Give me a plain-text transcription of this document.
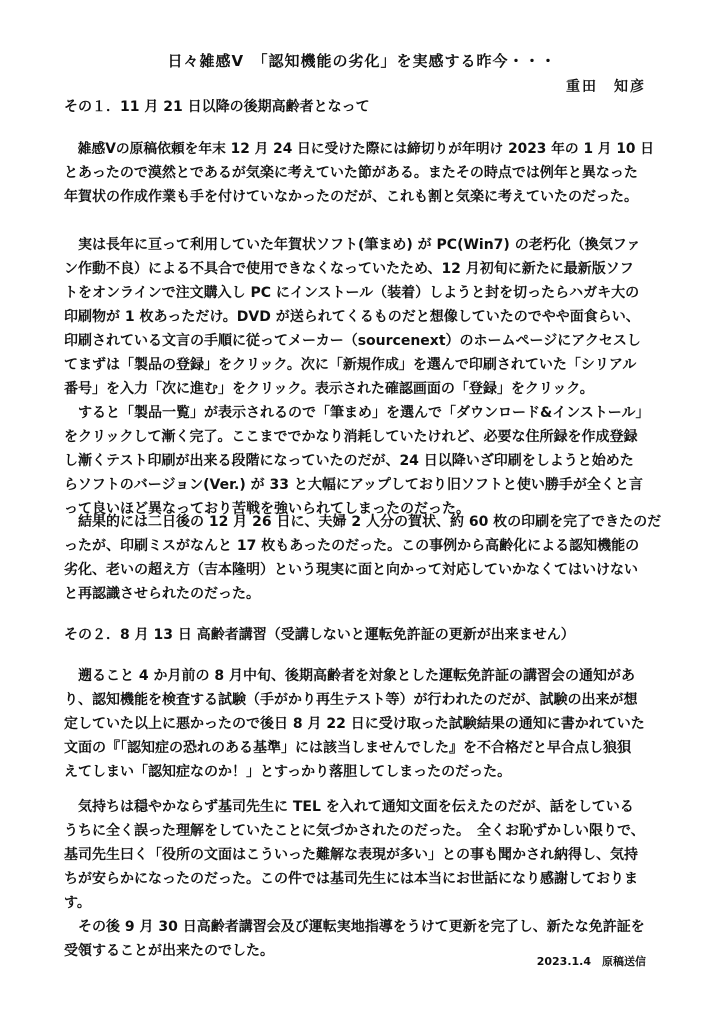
日々雑感Ⅴ　「認知機能の劣化」を実感する昨今・・・
重田　知彦
その１．11 月 21 日以降の後期高齢者となって
　雑感Ⅴの原稿依頼を年末 12 月 24 日に受けた際には締切りが年明け 2023 年の 1 月 10 日
とあったので漠然とであるが気楽に考えていた節がある。またその時点では例年と異なった
年賀状の作成作業も手を付けていなかったのだが、これも割と気楽に考えていたのだった。
　実は長年に亘って利用していた年賀状ソフト(筆まめ) が PC(Win7) の老朽化（換気ファ
ン作動不良）による不具合で使用できなくなっていたため、12 月初旬に新たに最新版ソフ
トをオンラインで注文購入し PC にインストール（装着）しようと封を切ったらハガキ大の
印刷物が 1 枚あっただけ。DVD が送られてくるものだと想像していたのでやや面食らい、
印刷されている文言の手順に従ってメーカー（sourcenext）のホームページにアクセスし
てまずは「製品の登録」をクリック。次に「新規作成」を選んで印刷されていた「シリアル
番号」を入力「次に進む」をクリック。表示された確認画面の「登録」をクリック。
　すると「製品一覧」が表示されるので「筆まめ」を選んで「ダウンロード&インストール」
をクリックして漸く完了。ここまででかなり消耗していたけれど、必要な住所録を作成登録
し漸くテスト印刷が出来る段階になっていたのだが、24 日以降いざ印刷をしようと始めた
らソフトのバージョン(Ver.) が 33 と大幅にアップしており旧ソフトと使い勝手が全くと言
って良いほど異なっており苦戦を強いられてしまったのだった。
　結果的には二日後の 12 月 26 日に、夫婦 2 人分の賀状、約 60 枚の印刷を完了できたのだ
ったが、印刷ミスがなんと 17 枚もあったのだった。この事例から高齢化による認知機能の
劣化、老いの超え方（吉本隆明）という現実に面と向かって対応していかなくてはいけない
と再認識させられたのだった。
その２．8 月 13 日 高齢者講習（受講しないと運転免許証の更新が出来ません）
　遡ること 4 か月前の 8 月中旬、後期高齢者を対象とした運転免許証の講習会の通知があ
り、認知機能を検査する試験（手がかり再生テスト等）が行われたのだが、試験の出来が想
定していた以上に悪かったので後日 8 月 22 日に受け取った試験結果の通知に書かれていた
文面の『「認知症の恐れのある基準」には該当しませんでした』を不合格だと早合点し狼狽
えてしまい「認知症なのか！」とすっかり落胆してしまったのだった。
　気持ちは穏やかならず基司先生に TEL を入れて通知文面を伝えたのだが、話をしている
うちに全く誤った理解をしていたことに気づかされたのだった。　全くお恥ずかしい限りで、
基司先生曰く「役所の文面はこういった難解な表現が多い」との事も聞かされ納得し、気持
ちが安らかになったのだった。この件では基司先生には本当にお世話になり感謝しておりま
す。
　その後 9 月 30 日高齢者講習会及び運転実地指導をうけて更新を完了し、新たな免許証を
受領することが出来たのでした。
2023.1.4　原稿送信
